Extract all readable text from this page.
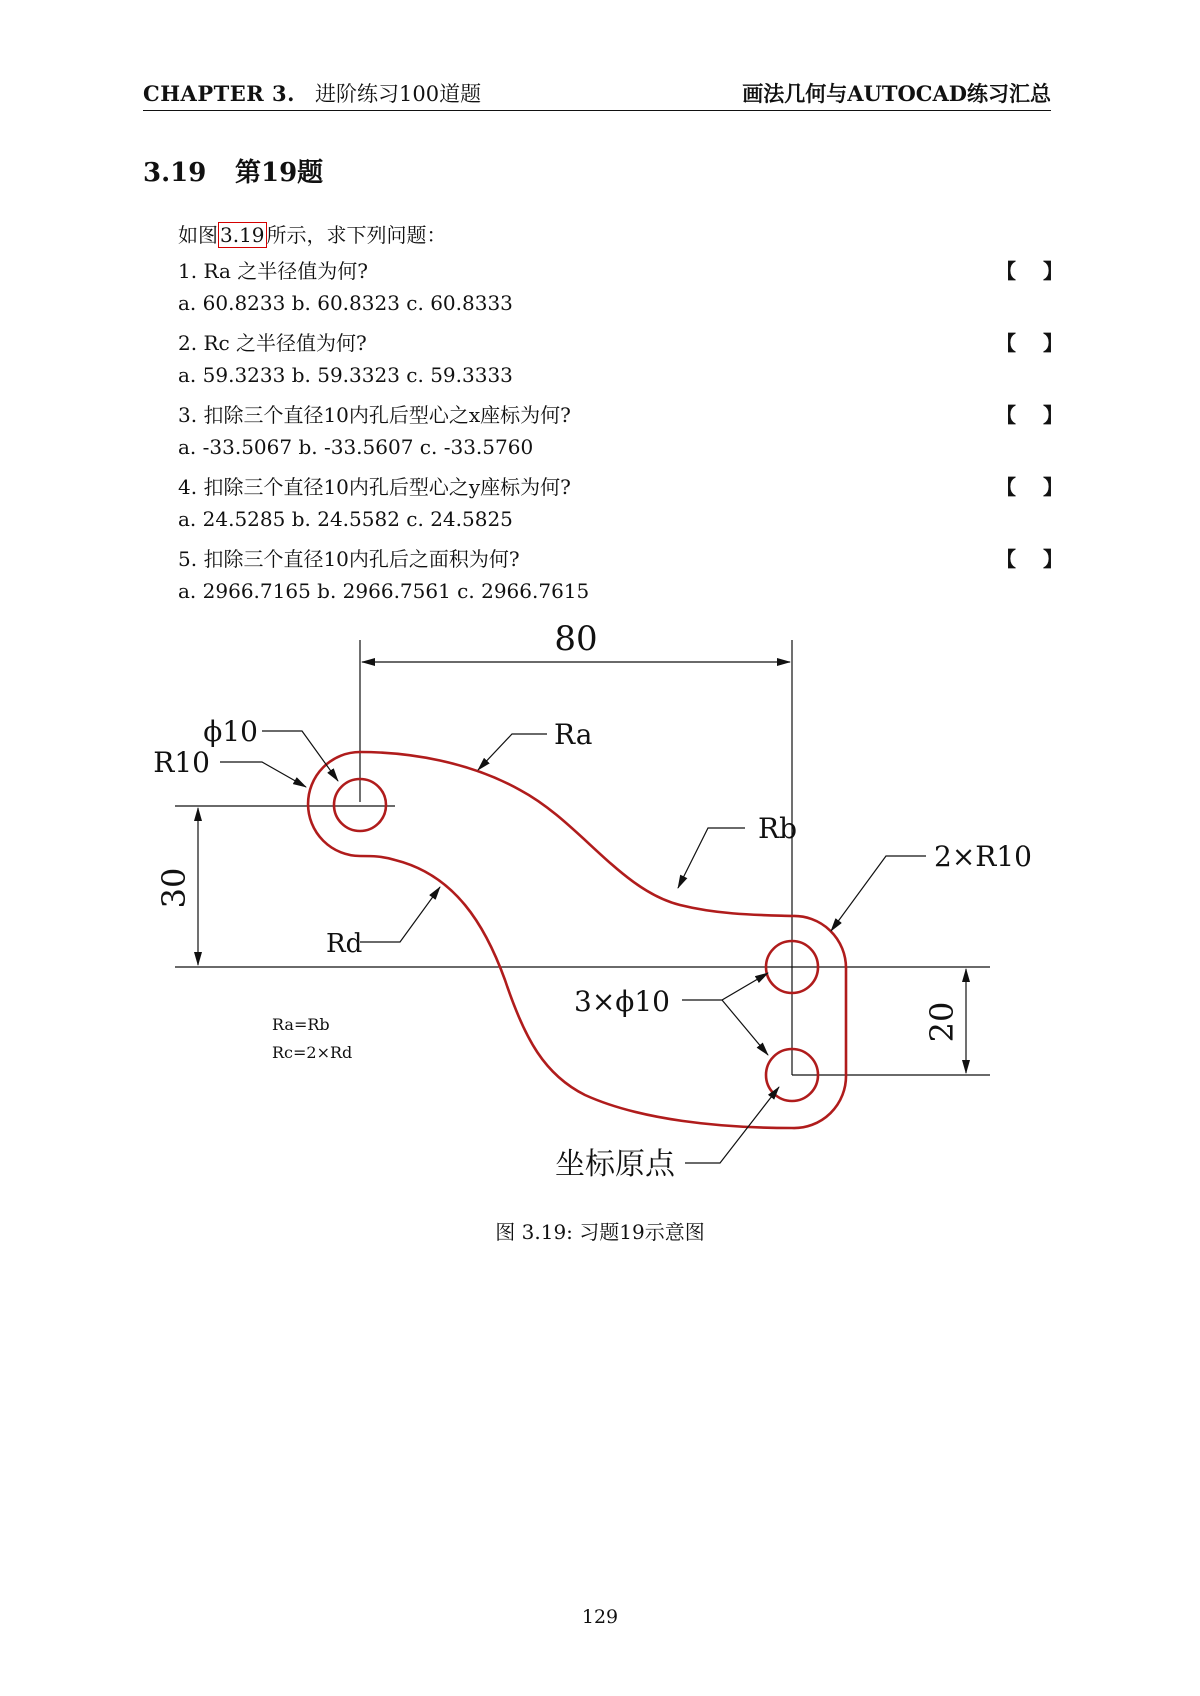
CHAPTER 3. 进阶练习100道题	画法几何与AUTOCAD练习汇总
3.19 第19题
如图 3.19 所示，求下列问题：
1. Ra 之半径值为何?	【 】
a. 60.8233 b. 60.8323 c. 60.8333
2. Rc 之半径值为何?	【 】
a. 59.3233 b. 59.3323 c. 59.3333
3. 扣除三个直径10内孔后型心之x座标为何?	【 】
a. -33.5067 b. -33.5607 c. -33.5760
4. 扣除三个直径10内孔后型心之y座标为何?	【 】
a. 24.5285 b. 24.5582 c. 24.5825
5. 扣除三个直径10内孔后之面积为何?	【 】
a. 2966.7165 b. 2966.7561 c. 2966.7615
80
30
20
ϕ10
R10
Ra
Rb
Rd
2×R10
3×ϕ10
Ra=Rb
Rc=2×Rd
坐标原点
图 3.19: 习题19示意图
129
